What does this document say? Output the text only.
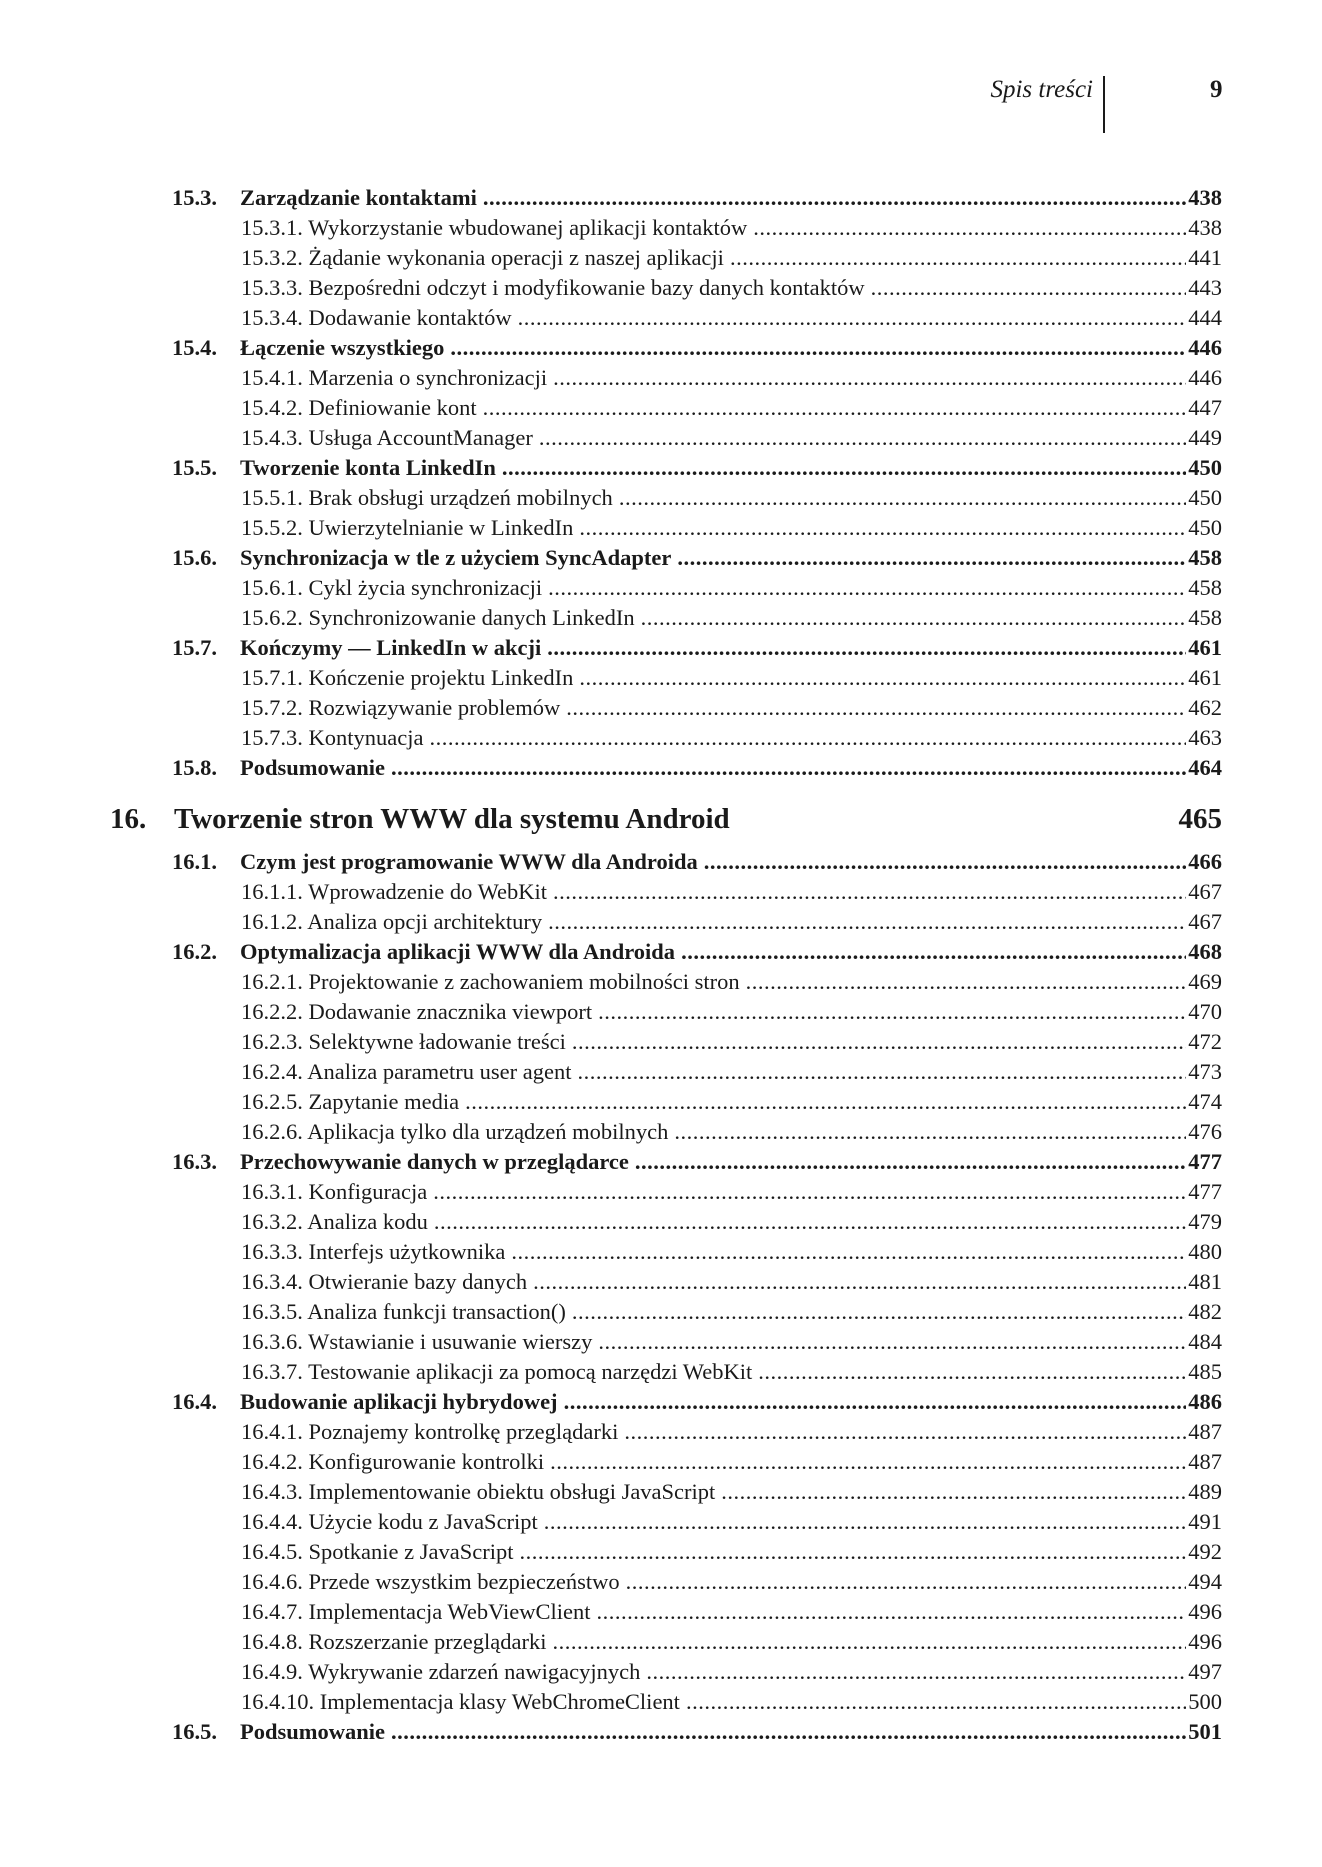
Spis treści	9
15.3. Zarządzanie kontaktami .....	438
15.3.1. Wykorzystanie wbudowanej aplikacji kontaktów .....	438
15.3.2. Żądanie wykonania operacji z naszej aplikacji .....	441
15.3.3. Bezpośredni odczyt i modyfikowanie bazy danych kontaktów .....	443
15.3.4. Dodawanie kontaktów .....	444
15.4. Łączenie wszystkiego .....	446
15.4.1. Marzenia o synchronizacji .....	446
15.4.2. Definiowanie kont .....	447
15.4.3. Usługa AccountManager .....	449
15.5. Tworzenie konta LinkedIn .....	450
15.5.1. Brak obsługi urządzeń mobilnych .....	450
15.5.2. Uwierzytelnianie w LinkedIn .....	450
15.6. Synchronizacja w tle z użyciem SyncAdapter .....	458
15.6.1. Cykl życia synchronizacji .....	458
15.6.2. Synchronizowanie danych LinkedIn .....	458
15.7. Kończymy — LinkedIn w akcji .....	461
15.7.1. Kończenie projektu LinkedIn .....	461
15.7.2. Rozwiązywanie problemów .....	462
15.7.3. Kontynuacja .....	463
15.8. Podsumowanie .....	464
16. Tworzenie stron WWW dla systemu Android	465
16.1. Czym jest programowanie WWW dla Androida .....	466
16.1.1. Wprowadzenie do WebKit .....	467
16.1.2. Analiza opcji architektury .....	467
16.2. Optymalizacja aplikacji WWW dla Androida .....	468
16.2.1. Projektowanie z zachowaniem mobilności stron .....	469
16.2.2. Dodawanie znacznika viewport .....	470
16.2.3. Selektywne ładowanie treści .....	472
16.2.4. Analiza parametru user agent .....	473
16.2.5. Zapytanie media .....	474
16.2.6. Aplikacja tylko dla urządzeń mobilnych .....	476
16.3. Przechowywanie danych w przeglądarce .....	477
16.3.1. Konfiguracja .....	477
16.3.2. Analiza kodu .....	479
16.3.3. Interfejs użytkownika .....	480
16.3.4. Otwieranie bazy danych .....	481
16.3.5. Analiza funkcji transaction() .....	482
16.3.6. Wstawianie i usuwanie wierszy .....	484
16.3.7. Testowanie aplikacji za pomocą narzędzi WebKit .....	485
16.4. Budowanie aplikacji hybrydowej .....	486
16.4.1. Poznajemy kontrolkę przeglądarki .....	487
16.4.2. Konfigurowanie kontrolki .....	487
16.4.3. Implementowanie obiektu obsługi JavaScript .....	489
16.4.4. Użycie kodu z JavaScript .....	491
16.4.5. Spotkanie z JavaScript .....	492
16.4.6. Przede wszystkim bezpieczeństwo .....	494
16.4.7. Implementacja WebViewClient .....	496
16.4.8. Rozszerzanie przeglądarki .....	496
16.4.9. Wykrywanie zdarzeń nawigacyjnych .....	497
16.4.10. Implementacja klasy WebChromeClient .....	500
16.5. Podsumowanie .....	501
